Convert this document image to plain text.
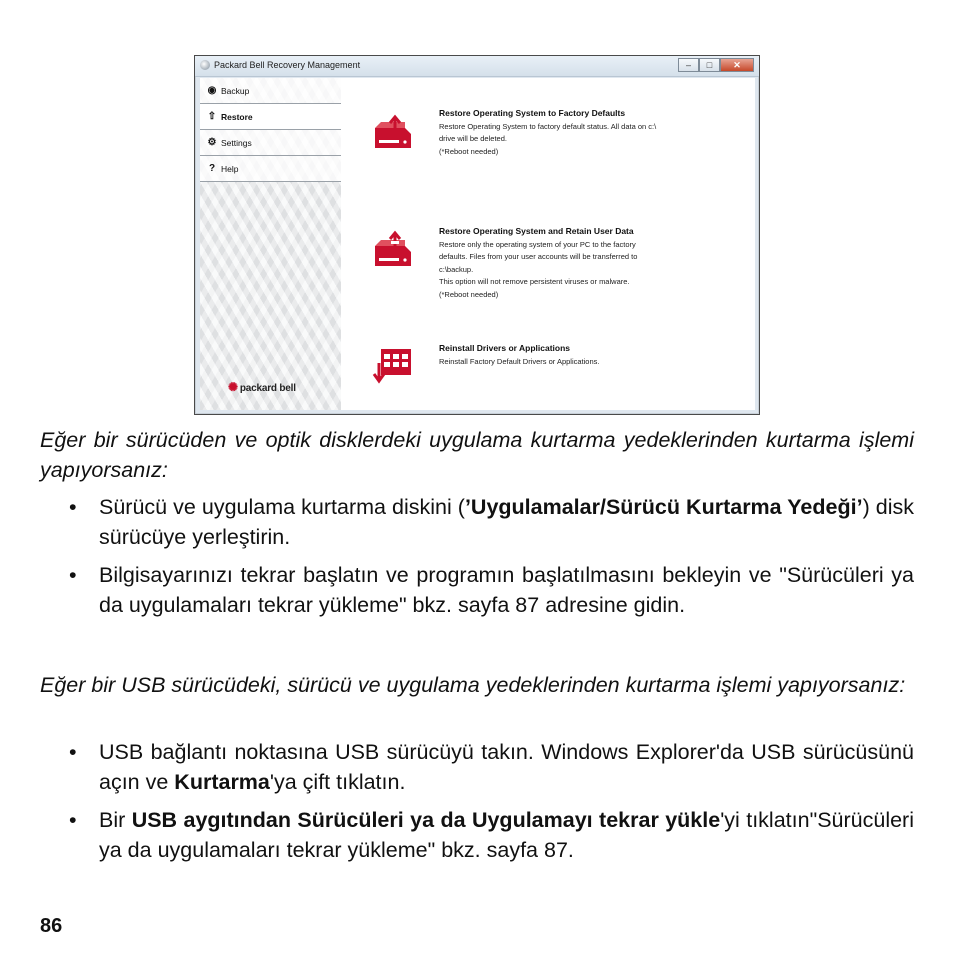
Packard Bell Recovery Management	–	□	✕
◉ Backup
⇧ Restore
⚙ Settings
? Help
✺ packard bell
Restore Operating System to Factory Defaults
Restore Operating System to factory default status. All data on c:\
drive will be deleted.
(*Reboot needed)
Restore Operating System and Retain User Data
Restore only the operating system of your PC to the factory
defaults. Files from your user accounts will be transferred to
c:\backup.
This option will not remove persistent viruses or malware.
(*Reboot needed)
Reinstall Drivers or Applications
Reinstall Factory Default Drivers or Applications.

Eğer bir sürücüden ve optik disklerdeki uygulama kurtarma yedeklerinden kurtarma işlemi yapıyorsanız:

• Sürücü ve uygulama kurtarma diskini (’Uygulamalar/Sürücü Kurtarma Yedeği’) disk sürücüye yerleştirin.
• Bilgisayarınızı tekrar başlatın ve programın başlatılmasını bekleyin ve "Sürücüleri ya da uygulamaları tekrar yükleme" bkz. sayfa 87 adresine gidin.

Eğer bir USB sürücüdeki, sürücü ve uygulama yedeklerinden kurtarma işlemi yapıyorsanız:

• USB bağlantı noktasına USB sürücüyü takın. Windows Explorer'da USB sürücüsünü açın ve Kurtarma'ya çift tıklatın.
• Bir USB aygıtından Sürücüleri ya da Uygulamayı tekrar yükle'yi tıklatın"Sürücüleri ya da uygulamaları tekrar yükleme" bkz. sayfa 87.
86
